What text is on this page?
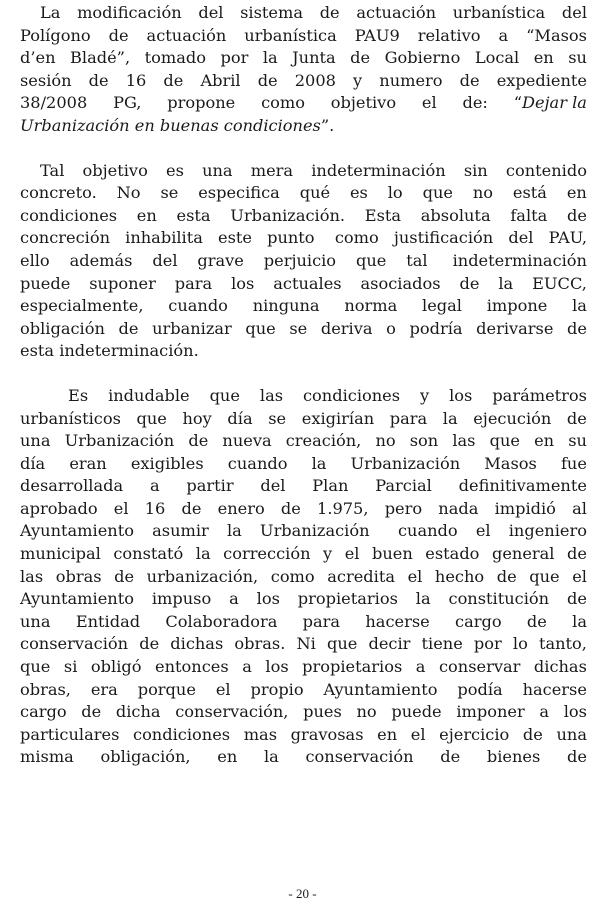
La modificación del sistema de actuación urbanística del
Polígono de actuación urbanística PAU9 relativo a “Masos
d’en Bladé”, tomado por la Junta de Gobierno Local en su
sesión de 16 de Abril de 2008 y numero de expediente
38/2008 PG, propone como objetivo el de: “Dejar la
Urbanización en buenas condiciones”.
Tal objetivo es una mera indeterminación sin contenido
concreto. No se especifica qué es lo que no está en
condiciones en esta Urbanización. Esta absoluta falta de
concreción inhabilita este punto como justificación del PAU,
ello además del grave perjuicio que tal indeterminación
puede suponer para los actuales asociados de la EUCC,
especialmente, cuando ninguna norma legal impone la
obligación de urbanizar que se deriva o podría derivarse de
esta indeterminación.
Es indudable que las condiciones y los parámetros
urbanísticos que hoy día se exigirían para la ejecución de
una Urbanización de nueva creación, no son las que en su
día eran exigibles cuando la Urbanización Masos fue
desarrollada a partir del Plan Parcial definitivamente
aprobado el 16 de enero de 1.975, pero nada impidió al
Ayuntamiento asumir la Urbanización cuando el ingeniero
municipal constató la corrección y el buen estado general de
las obras de urbanización, como acredita el hecho de que el
Ayuntamiento impuso a los propietarios la constitución de
una Entidad Colaboradora para hacerse cargo de la
conservación de dichas obras. Ni que decir tiene por lo tanto,
que si obligó entonces a los propietarios a conservar dichas
obras, era porque el propio Ayuntamiento podía hacerse
cargo de dicha conservación, pues no puede imponer a los
particulares condiciones mas gravosas en el ejercicio de una
misma obligación, en la conservación de bienes de
- 20 -
